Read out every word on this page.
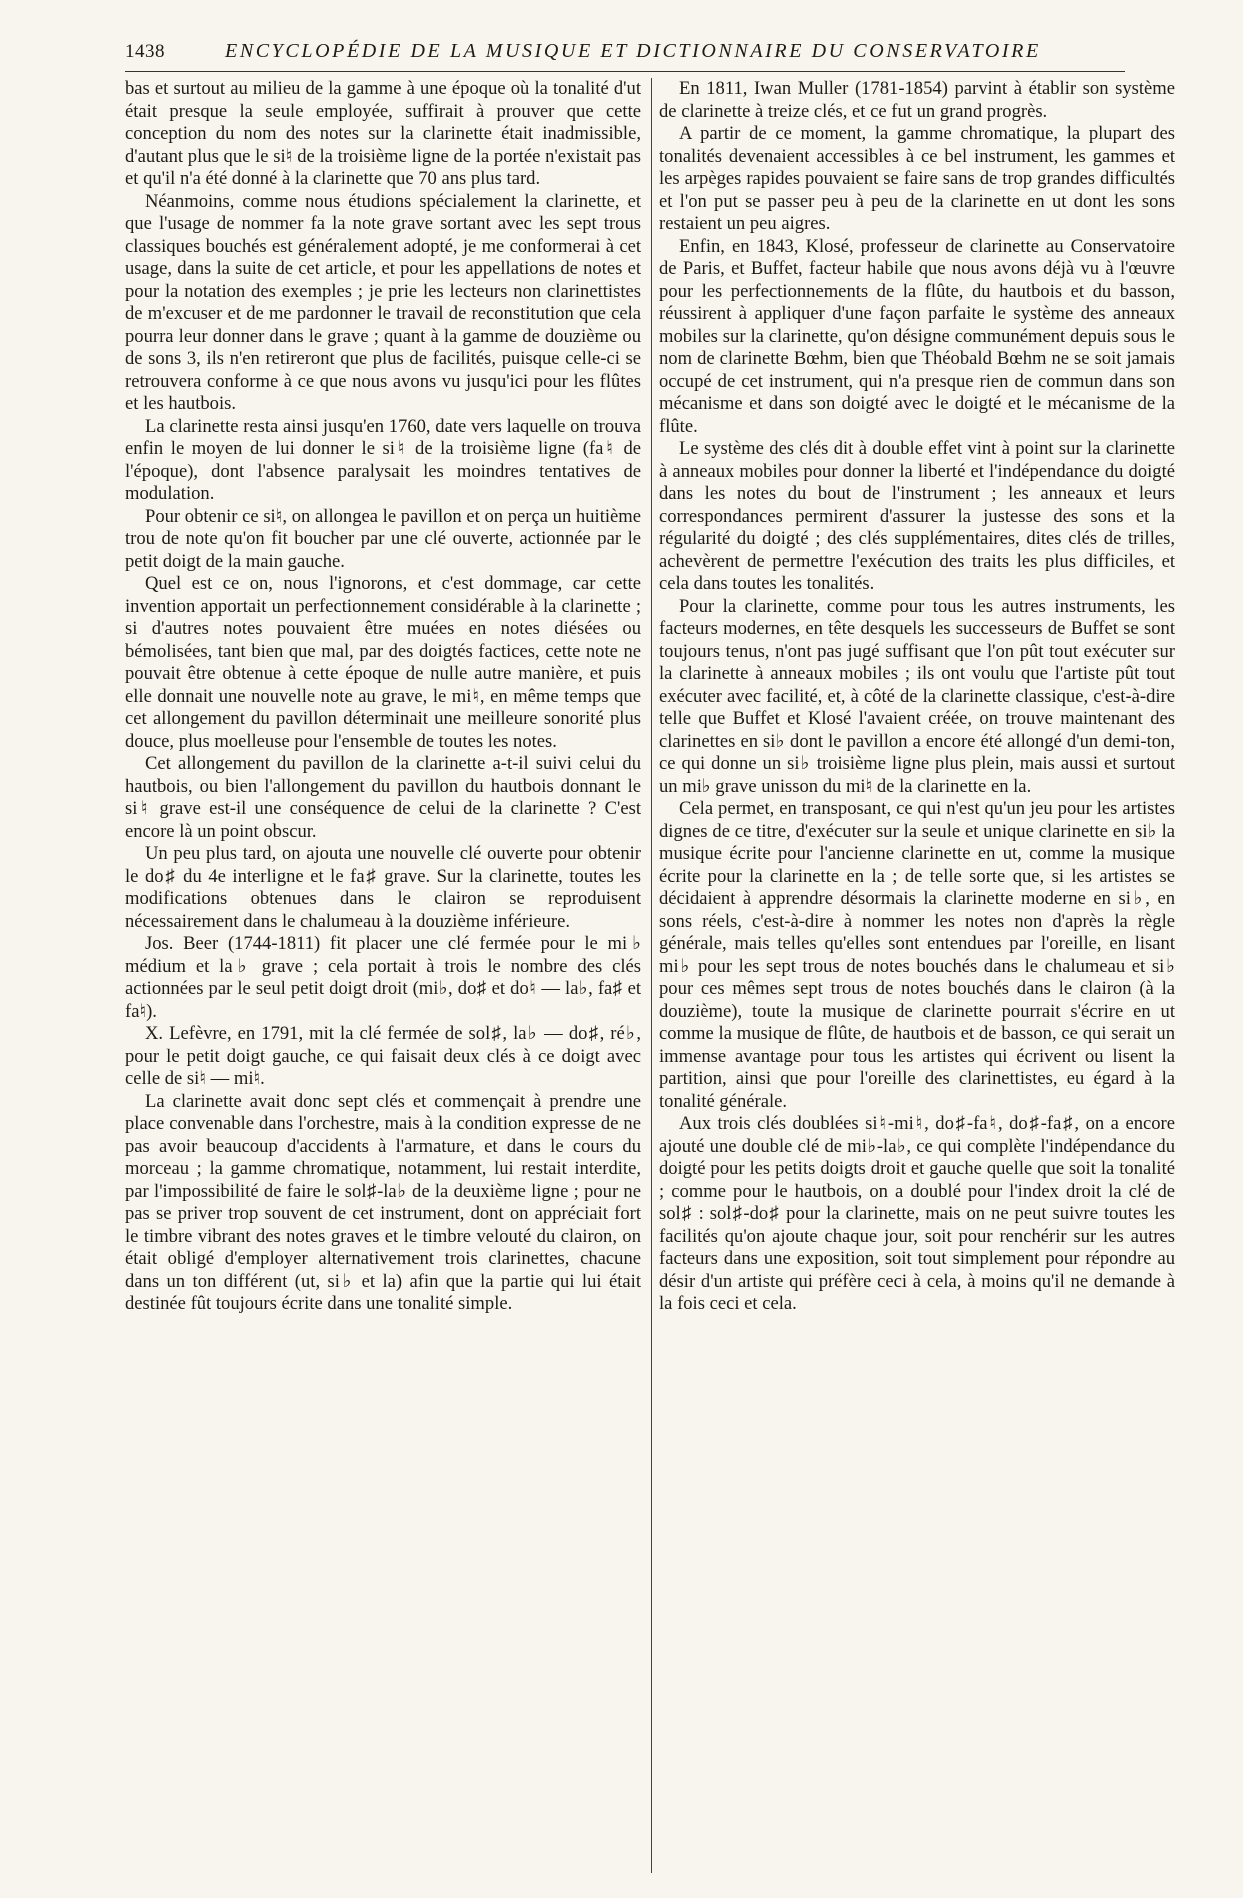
1438	ENCYCLOPÉDIE DE LA MUSIQUE ET DICTIONNAIRE DU CONSERVATOIRE

bas et surtout au milieu de la gamme à une époque où la tonalité d'ut était presque la seule employée, suffirait à prouver que cette conception du nom des notes sur la clarinette était inadmissible, d'autant plus que le si♮ de la troisième ligne de la portée n'existait pas et qu'il n'a été donné à la clarinette que 70 ans plus tard.

Néanmoins, comme nous étudions spécialement la clarinette, et que l'usage de nommer fa la note grave sortant avec les sept trous classiques bouchés est généralement adopté, je me conformerai à cet usage, dans la suite de cet article, et pour les appellations de notes et pour la notation des exemples ; je prie les lecteurs non clarinettistes de m'excuser et de me pardonner le travail de reconstitution que cela pourra leur donner dans le grave ; quant à la gamme de douzième ou de sons 3, ils n'en retireront que plus de facilités, puisque celle-ci se retrouvera conforme à ce que nous avons vu jusqu'ici pour les flûtes et les hautbois.

La clarinette resta ainsi jusqu'en 1760, date vers laquelle on trouva enfin le moyen de lui donner le si♮ de la troisième ligne (fa♮ de l'époque), dont l'absence paralysait les moindres tentatives de modulation.

Pour obtenir ce si♮, on allongea le pavillon et on perça un huitième trou de note qu'on fit boucher par une clé ouverte, actionnée par le petit doigt de la main gauche.

Quel est ce on, nous l'ignorons, et c'est dommage, car cette invention apportait un perfectionnement considérable à la clarinette ; si d'autres notes pouvaient être muées en notes diésées ou bémolisées, tant bien que mal, par des doigtés factices, cette note ne pouvait être obtenue à cette époque de nulle autre manière, et puis elle donnait une nouvelle note au grave, le mi♮, en même temps que cet allongement du pavillon déterminait une meilleure sonorité plus douce, plus moelleuse pour l'ensemble de toutes les notes.

Cet allongement du pavillon de la clarinette a-t-il suivi celui du hautbois, ou bien l'allongement du pavillon du hautbois donnant le si♮ grave est-il une conséquence de celui de la clarinette ? C'est encore là un point obscur.

Un peu plus tard, on ajouta une nouvelle clé ouverte pour obtenir le do♯ du 4e interligne et le fa♯ grave. Sur la clarinette, toutes les modifications obtenues dans le clairon se reproduisent nécessairement dans le chalumeau à la douzième inférieure.

Jos. Beer (1744-1811) fit placer une clé fermée pour le mi♭ médium et la♭ grave ; cela portait à trois le nombre des clés actionnées par le seul petit doigt droit (mi♭, do♯ et do♮ — la♭, fa♯ et fa♮).

X. Lefèvre, en 1791, mit la clé fermée de sol♯, la♭ — do♯, ré♭, pour le petit doigt gauche, ce qui faisait deux clés à ce doigt avec celle de si♮ — mi♮.

La clarinette avait donc sept clés et commençait à prendre une place convenable dans l'orchestre, mais à la condition expresse de ne pas avoir beaucoup d'accidents à l'armature, et dans le cours du morceau ; la gamme chromatique, notamment, lui restait interdite, par l'impossibilité de faire le sol♯-la♭ de la deuxième ligne ; pour ne pas se priver trop souvent de cet instrument, dont on appréciait fort le timbre vibrant des notes graves et le timbre velouté du clairon, on était obligé d'employer alternativement trois clarinettes, chacune dans un ton différent (ut, si♭ et la) afin que la partie qui lui était destinée fût toujours écrite dans une tonalité simple.

En 1811, Iwan Muller (1781-1854) parvint à établir son système de clarinette à treize clés, et ce fut un grand progrès.

A partir de ce moment, la gamme chromatique, la plupart des tonalités devenaient accessibles à ce bel instrument, les gammes et les arpèges rapides pouvaient se faire sans de trop grandes difficultés et l'on put se passer peu à peu de la clarinette en ut dont les sons restaient un peu aigres.

Enfin, en 1843, Klosé, professeur de clarinette au Conservatoire de Paris, et Buffet, facteur habile que nous avons déjà vu à l'œuvre pour les perfectionnements de la flûte, du hautbois et du basson, réussirent à appliquer d'une façon parfaite le système des anneaux mobiles sur la clarinette, qu'on désigne communément depuis sous le nom de clarinette Bœhm, bien que Théobald Bœhm ne se soit jamais occupé de cet instrument, qui n'a presque rien de commun dans son mécanisme et dans son doigté avec le doigté et le mécanisme de la flûte.

Le système des clés dit à double effet vint à point sur la clarinette à anneaux mobiles pour donner la liberté et l'indépendance du doigté dans les notes du bout de l'instrument ; les anneaux et leurs correspondances permirent d'assurer la justesse des sons et la régularité du doigté ; des clés supplémentaires, dites clés de trilles, achevèrent de permettre l'exécution des traits les plus difficiles, et cela dans toutes les tonalités.

Pour la clarinette, comme pour tous les autres instruments, les facteurs modernes, en tête desquels les successeurs de Buffet se sont toujours tenus, n'ont pas jugé suffisant que l'on pût tout exécuter sur la clarinette à anneaux mobiles ; ils ont voulu que l'artiste pût tout exécuter avec facilité, et, à côté de la clarinette classique, c'est-à-dire telle que Buffet et Klosé l'avaient créée, on trouve maintenant des clarinettes en si♭ dont le pavillon a encore été allongé d'un demi-ton, ce qui donne un si♭ troisième ligne plus plein, mais aussi et surtout un mi♭ grave unisson du mi♮ de la clarinette en la.

Cela permet, en transposant, ce qui n'est qu'un jeu pour les artistes dignes de ce titre, d'exécuter sur la seule et unique clarinette en si♭ la musique écrite pour l'ancienne clarinette en ut, comme la musique écrite pour la clarinette en la ; de telle sorte que, si les artistes se décidaient à apprendre désormais la clarinette moderne en si♭, en sons réels, c'est-à-dire à nommer les notes non d'après la règle générale, mais telles qu'elles sont entendues par l'oreille, en lisant mi♭ pour les sept trous de notes bouchés dans le chalumeau et si♭ pour ces mêmes sept trous de notes bouchés dans le clairon (à la douzième), toute la musique de clarinette pourrait s'écrire en ut comme la musique de flûte, de hautbois et de basson, ce qui serait un immense avantage pour tous les artistes qui écrivent ou lisent la partition, ainsi que pour l'oreille des clarinettistes, eu égard à la tonalité générale.

Aux trois clés doublées si♮-mi♮, do♯-fa♮, do♯-fa♯, on a encore ajouté une double clé de mi♭-la♭, ce qui complète l'indépendance du doigté pour les petits doigts droit et gauche quelle que soit la tonalité ; comme pour le hautbois, on a doublé pour l'index droit la clé de sol♯ : sol♯-do♯ pour la clarinette, mais on ne peut suivre toutes les facilités qu'on ajoute chaque jour, soit pour renchérir sur les autres facteurs dans une exposition, soit tout simplement pour répondre au désir d'un artiste qui préfère ceci à cela, à moins qu'il ne demande à la fois ceci et cela.
